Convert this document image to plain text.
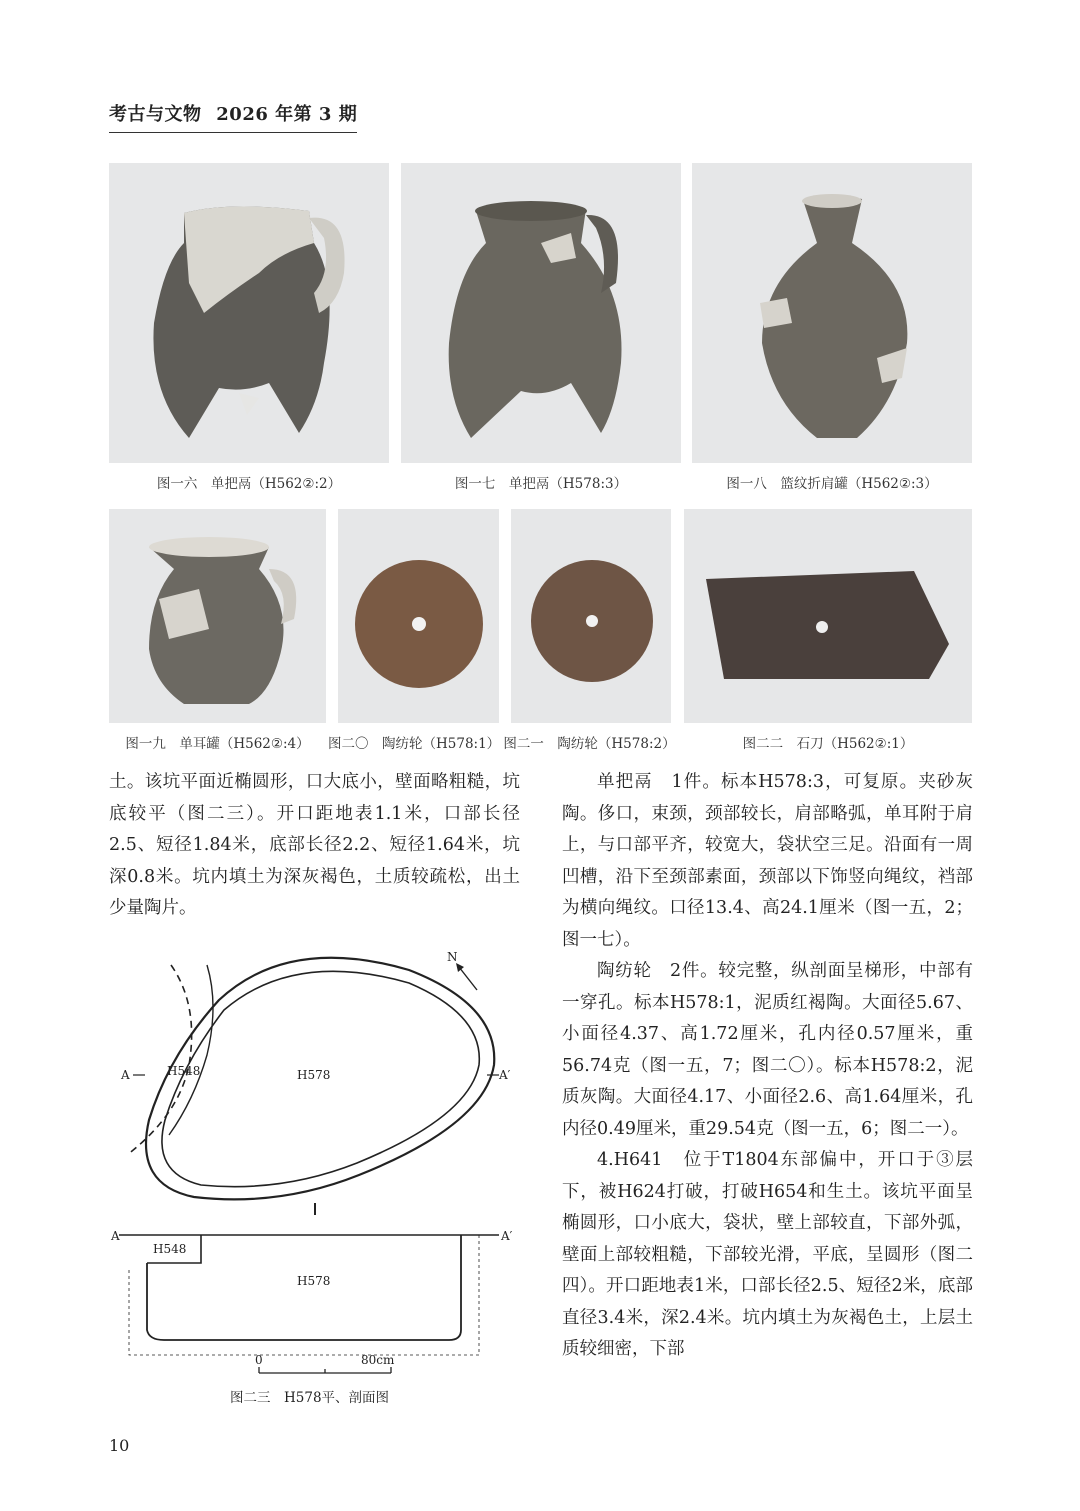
考古与文物 2026 年第 3 期
图一六　单把鬲（H562②:2）	图一七　单把鬲（H578:3）	图一八　篮纹折肩罐（H562②:3）
图一九　单耳罐（H562②:4）	图二〇　陶纺轮（H578:1） 图二一　陶纺轮（H578:2）	图二二　石刀（H562②:1）

土。该坑平面近椭圆形，口大底小，壁面略粗糙，坑底较平（图二三）。开口距地表1.1米，口部长径2.5、短径1.84米，底部长径2.2、短径1.64米，坑深0.8米。坑内填土为深灰褐色，土质较疏松，出土少量陶片。

单把鬲　1件。标本H578:3，可复原。夹砂灰陶。侈口，束颈，颈部较长，肩部略弧，单耳附于肩上，与口部平齐，较宽大，袋状空三足。沿面有一周凹槽，沿下至颈部素面，颈部以下饰竖向绳纹，裆部为横向绳纹。口径13.4、高24.1厘米（图一五，2；图一七）。

陶纺轮　2件。较完整，纵剖面呈梯形，中部有一穿孔。标本H578:1，泥质红褐陶。大面径5.67、小面径4.37、高1.72厘米，孔内径0.57厘米，重56.74克（图一五，7；图二〇）。标本H578:2，泥质灰陶。大面径4.17、小面径2.6、高1.64厘米，孔内径0.49厘米，重29.54克（图一五，6；图二一）。

4.H641　位于T1804东部偏中，开口于③层下，被H624打破，打破H654和生土。该坑平面呈椭圆形，口小底大，袋状，壁上部较直，下部外弧，壁面上部较粗糙，下部较光滑，平底，呈圆形（图二四）。开口距地表1米，口部长径2.5、短径2米，底部直径3.4米，深2.4米。坑内填土为灰褐色土，上层土质较细密，下部

N
A	A′
H548	H578
A	A′
H548
H578
0	80cm
图二三　H578平、剖面图
10
